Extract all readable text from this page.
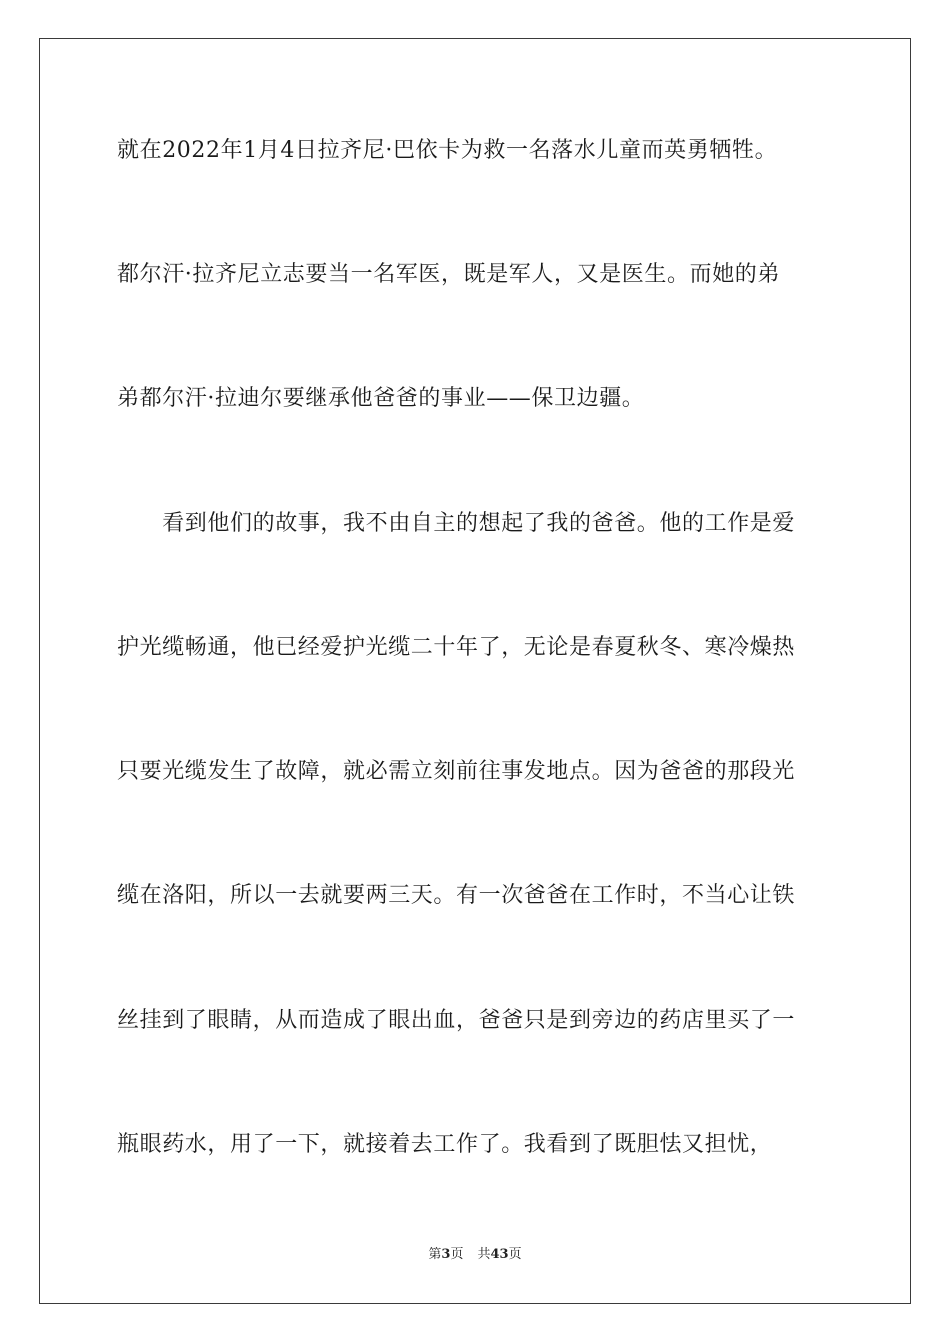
就在2022年1月4日拉齐尼·巴依卡为救一名落水儿童而英勇牺牲。
都尔汗·拉齐尼立志要当一名军医，既是军人，又是医生。而她的弟
弟都尔汗·拉迪尔要继承他爸爸的事业——保卫边疆。
　　看到他们的故事，我不由自主的想起了我的爸爸。他的工作是爱
护光缆畅通，他已经爱护光缆二十年了，无论是春夏秋冬、寒冷燥热
只要光缆发生了故障，就必需立刻前往事发地点。因为爸爸的那段光
缆在洛阳，所以一去就要两三天。有一次爸爸在工作时，不当心让铁
丝挂到了眼睛，从而造成了眼出血，爸爸只是到旁边的药店里买了一
瓶眼药水，用了一下，就接着去工作了。我看到了既胆怯又担忧，
第3页 共43页
